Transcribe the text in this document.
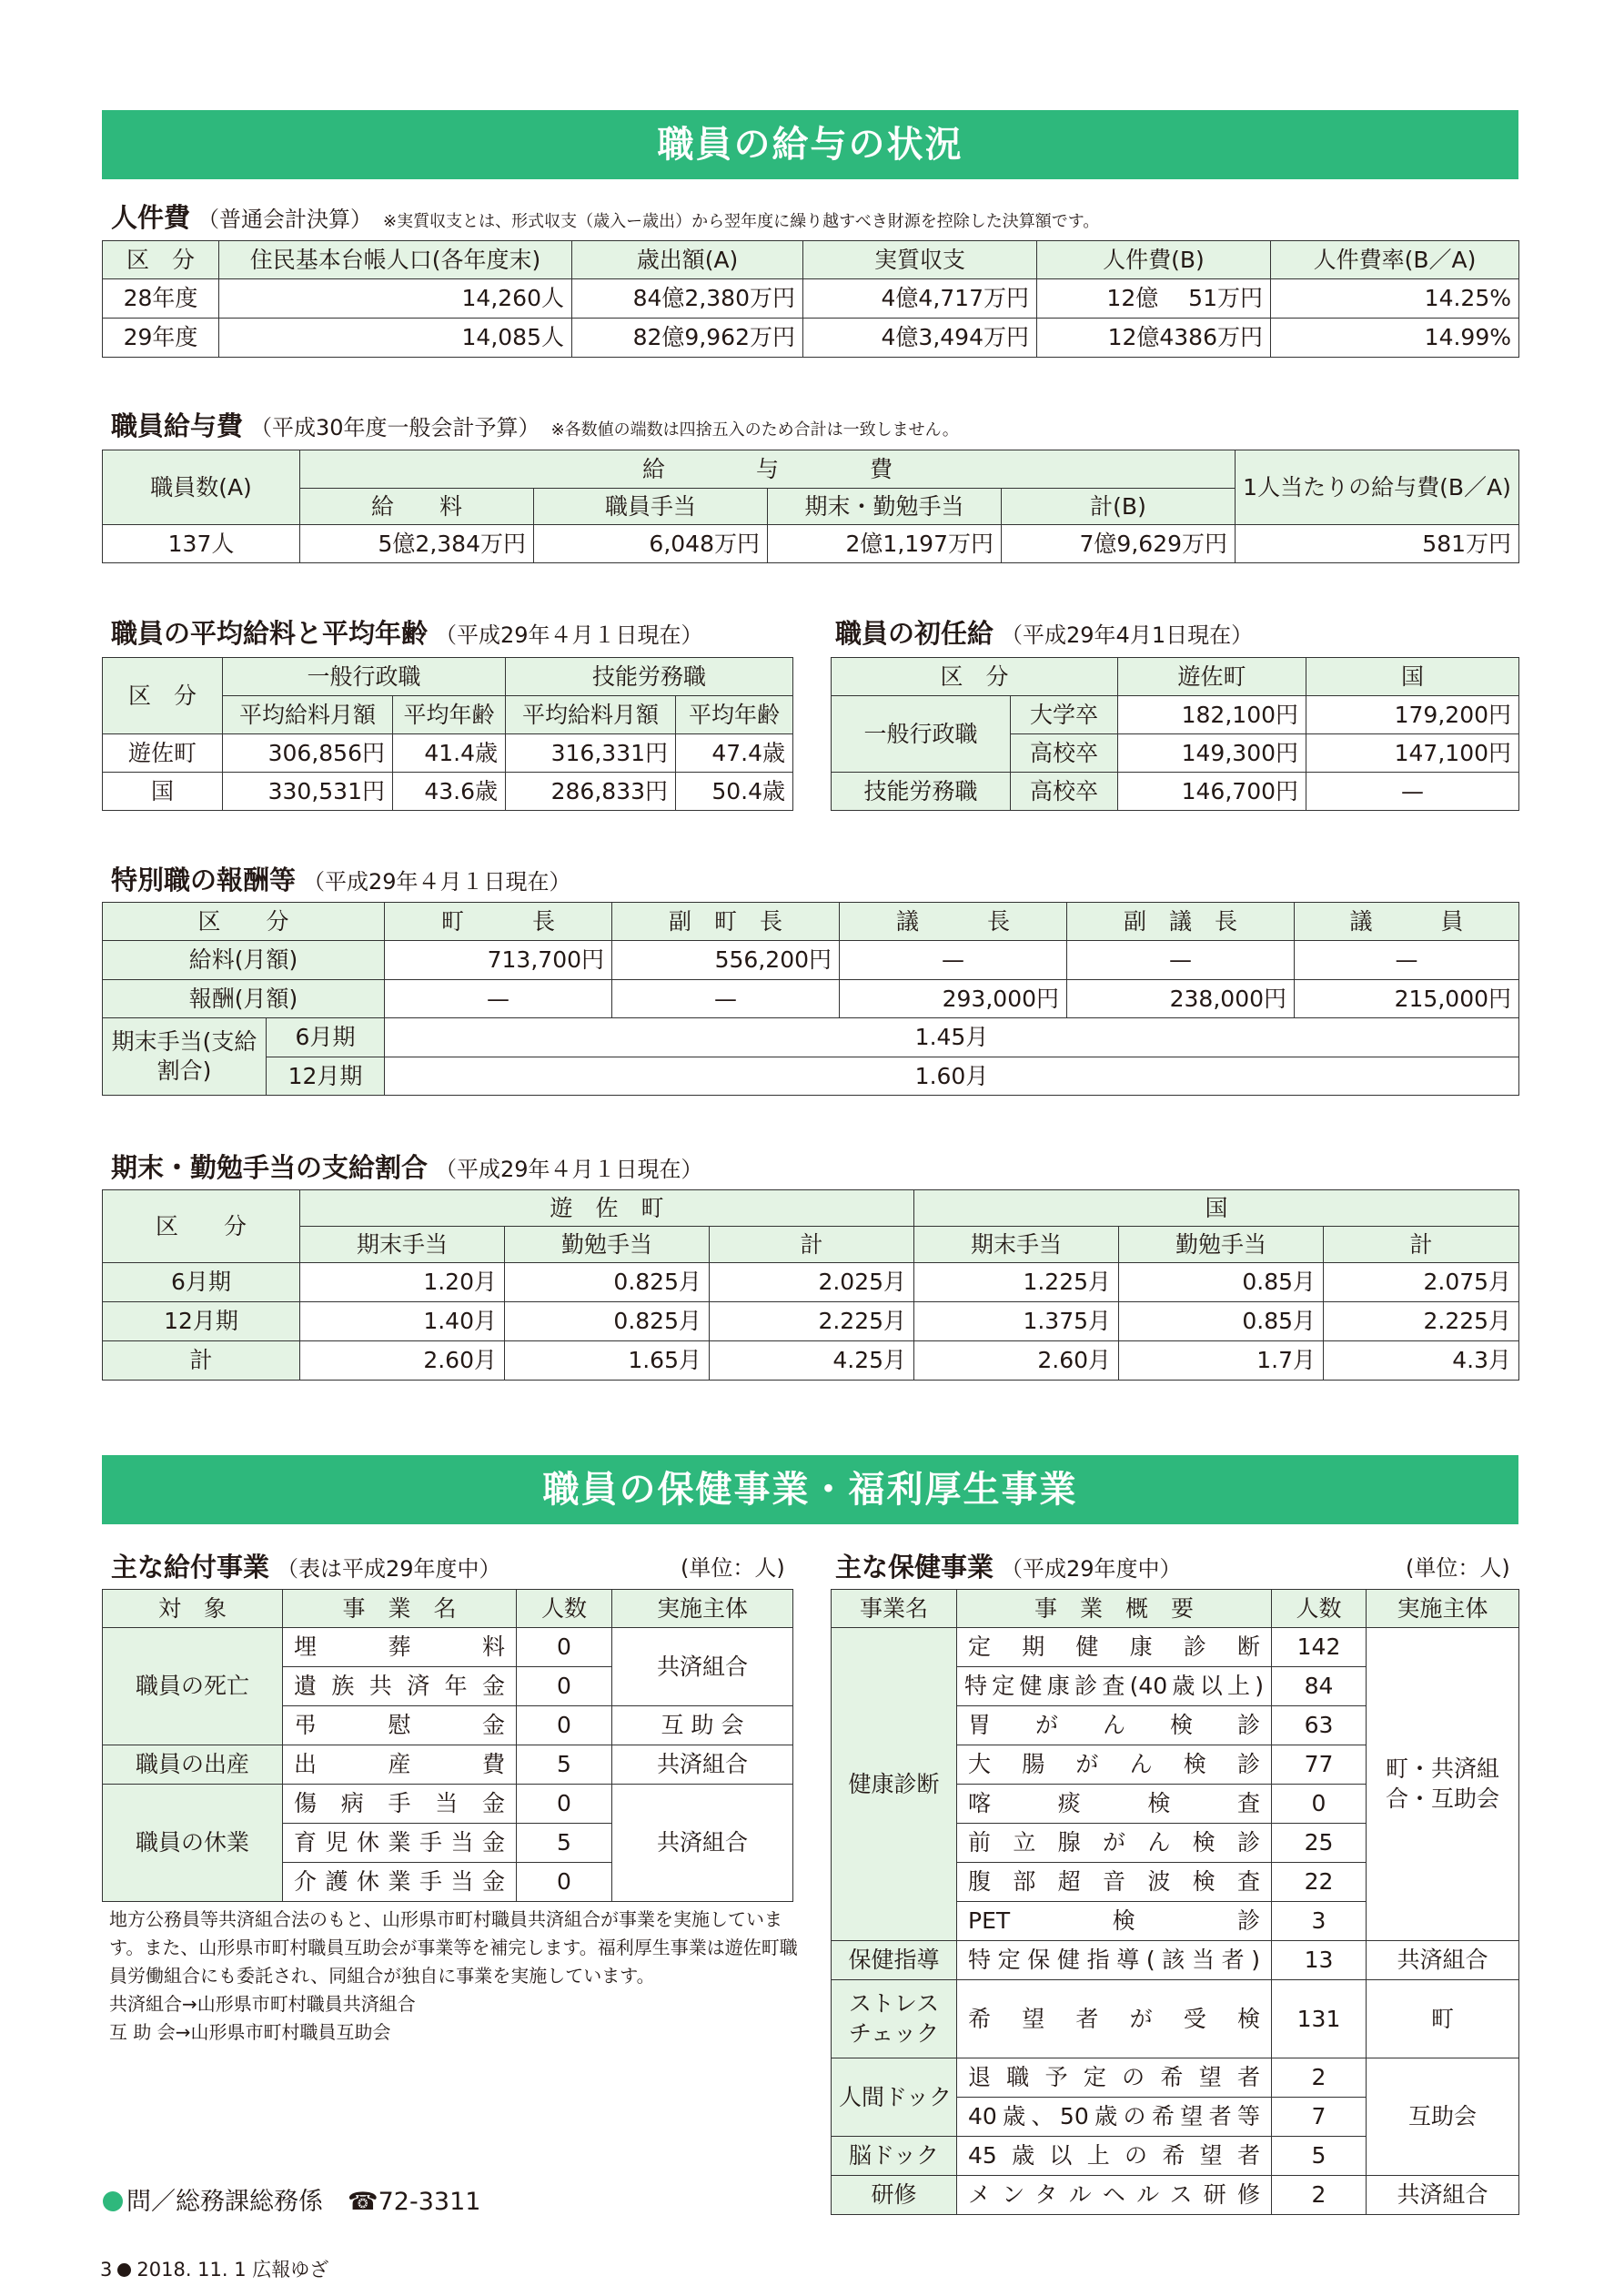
職員の給与の状況
人件費 （普通会計決算） ※実質収支とは、形式収支（歳入ー歳出）から翌年度に繰り越すべき財源を控除した決算額です。
区　分	住民基本台帳人口(各年度末)	歳出額(A)	実質収支	人件費(B)	人件費率(B／A)
28年度	14,260人	84億2,380万円	4億4,717万円	12億　 51万円	14.25%
29年度	14,085人	82億9,962万円	4億3,494万円	12億4386万円	14.99%
職員給与費 （平成30年度一般会計予算） ※各数値の端数は四捨五入のため合計は一致しません。
職員数(A)	給　　　　与　　　　費				1人当たりの給与費(B／A)
	給　　料	職員手当	期末・勤勉手当	計(B)	
137人	5億2,384万円	6,048万円	2億1,197万円	7億9,629万円	581万円
職員の平均給料と平均年齢 （平成29年４月１日現在）
区　分	一般行政職		技能労務職	
	平均給料月額	平均年齢	平均給料月額	平均年齢
遊佐町	306,856円	41.4歳	316,331円	47.4歳
国	330,531円	43.6歳	286,833円	50.4歳
職員の初任給 （平成29年4月1日現在）
区　分		遊佐町	国
一般行政職	大学卒	182,100円	179,200円
	高校卒	149,300円	147,100円
技能労務職	高校卒	146,700円	—
特別職の報酬等 （平成29年４月１日現在）
区　　分		町　　　長	副　町　長	議　　　長	副　議　長	議　　　員
給料(月額)		713,700円	556,200円	—	—	—
報酬(月額)		—	—	293,000円	238,000円	215,000円
期末手当(支給割合)	6月期	1.45月				
	12月期	1.60月				
期末・勤勉手当の支給割合 （平成29年４月１日現在）
区　　分	遊　佐　町			国		
	期末手当	勤勉手当	計	期末手当	勤勉手当	計
6月期	1.20月	0.825月	2.025月	1.225月	0.85月	2.075月
12月期	1.40月	0.825月	2.225月	1.375月	0.85月	2.225月
計	2.60月	1.65月	4.25月	2.60月	1.7月	4.3月
職員の保健事業・福利厚生事業
主な給付事業 （表は平成29年度中）	(単位：人)
対　象	事　業　名	人数	実施主体
職員の死亡	埋葬料	0	共済組合
	遺族共済年金	0	
	弔慰金	0	互 助 会
職員の出産	出産費	5	共済組合
職員の休業	傷病手当金	0	共済組合
	育児休業手当金	5	
	介護休業手当金	0	
地方公務員等共済組合法のもと、山形県市町村職員共済組合が事業を実施しています。また、山形県市町村職員互助会が事業等を補完します。福利厚生事業は遊佐町職員労働組合にも委託され、同組合が独自に事業を実施しています。
共済組合→山形県市町村職員共済組合
互 助 会→山形県市町村職員互助会
問／総務課総務係　 ☎72-3311
主な保健事業 （平成29年度中）	(単位：人)
事業名	事　業　概　要	人数	実施主体
健康診断	定期健康診断	142	町・共済組合・互助会
	特定健康診査(40歳以上)	84	
	胃がん検診	63	
	大腸がん検診	77	
	喀痰検査	0	
	前立腺がん検診	25	
	腹部超音波検査	22	
	PET検診	3	
保健指導	特定保健指導(該当者)	13	共済組合
ストレスチェック	希望者が受検	131	町
人間ドック	退職予定の希望者	2	互助会
	40歳、50歳の希望者等	7	
脳ドック	45歳以上の希望者	5	
研修	メンタルヘルス研修	2	共済組合
3 2018. 11. 1 広報ゆざ
